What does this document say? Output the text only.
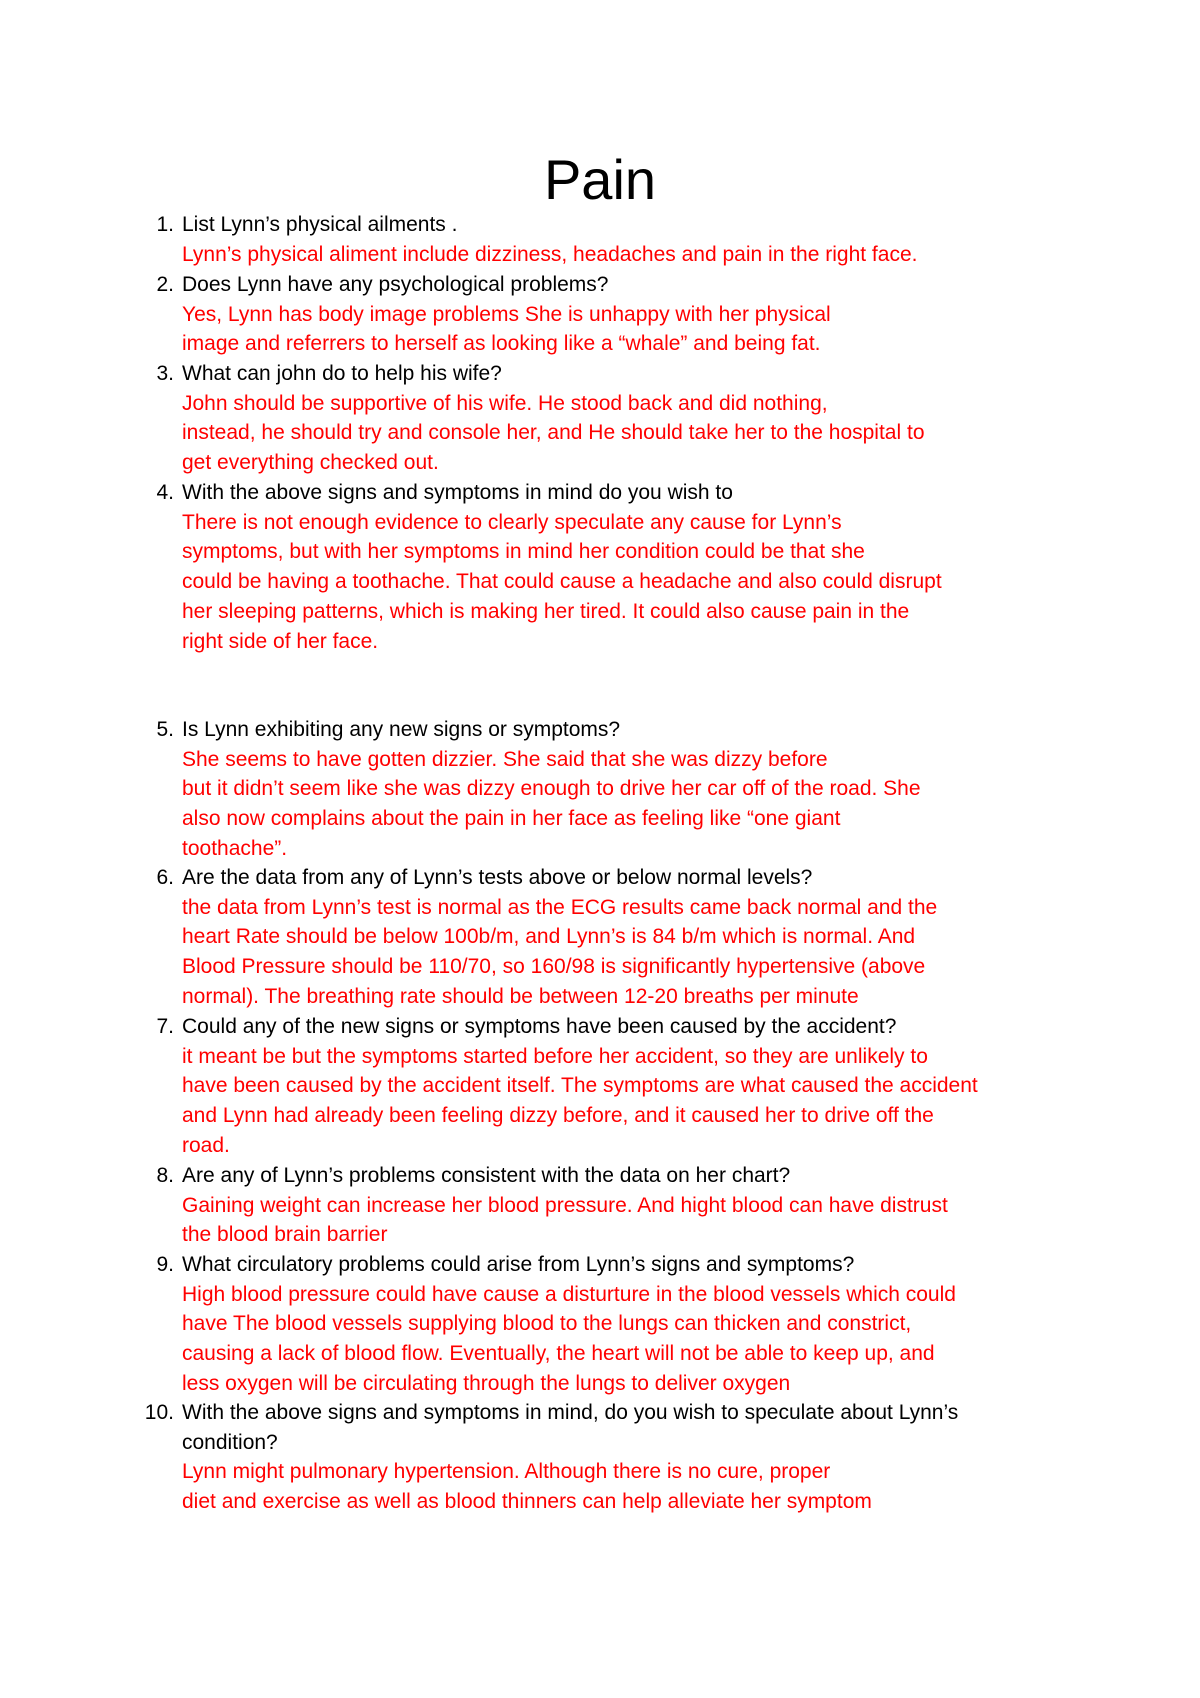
Pain
1. List Lynn’s physical ailments .
Lynn’s physical aliment include dizziness, headaches and pain in the right face.
2. Does Lynn have any psychological problems?
Yes, Lynn has body image problems She is unhappy with her physical
image and referrers to herself as looking like a “whale” and being fat.
3. What can john do to help his wife?
John should be supportive of his wife. He stood back and did nothing,
instead, he should try and console her, and He should take her to the hospital to
get everything checked out.
4. With the above signs and symptoms in mind do you wish to
There is not enough evidence to clearly speculate any cause for Lynn’s
symptoms, but with her symptoms in mind her condition could be that she
could be having a toothache. That could cause a headache and also could disrupt
her sleeping patterns, which is making her tired. It could also cause pain in the
right side of her face.
5. Is Lynn exhibiting any new signs or symptoms?
She seems to have gotten dizzier. She said that she was dizzy before
but it didn’t seem like she was dizzy enough to drive her car off of the road. She
also now complains about the pain in her face as feeling like “one giant
toothache”.
6. Are the data from any of Lynn’s tests above or below normal levels?
the data from Lynn’s test is normal as the ECG results came back normal and the
heart Rate should be below 100b/m, and Lynn’s is 84 b/m which is normal. And
Blood Pressure should be 110/70, so 160/98 is significantly hypertensive (above
normal). The breathing rate should be between 12-20 breaths per minute
7. Could any of the new signs or symptoms have been caused by the accident?
it meant be but the symptoms started before her accident, so they are unlikely to
have been caused by the accident itself. The symptoms are what caused the accident
and Lynn had already been feeling dizzy before, and it caused her to drive off the
road.
8. Are any of Lynn’s problems consistent with the data on her chart?
Gaining weight can increase her blood pressure. And hight blood can have distrust
the blood brain barrier
9. What circulatory problems could arise from Lynn’s signs and symptoms?
High blood pressure could have cause a disturture in the blood vessels which could
have The blood vessels supplying blood to the lungs can thicken and constrict,
causing a lack of blood flow. Eventually, the heart will not be able to keep up, and
less oxygen will be circulating through the lungs to deliver oxygen
10. With the above signs and symptoms in mind, do you wish to speculate about Lynn’s
condition?
Lynn might pulmonary hypertension. Although there is no cure, proper
diet and exercise as well as blood thinners can help alleviate her symptom
